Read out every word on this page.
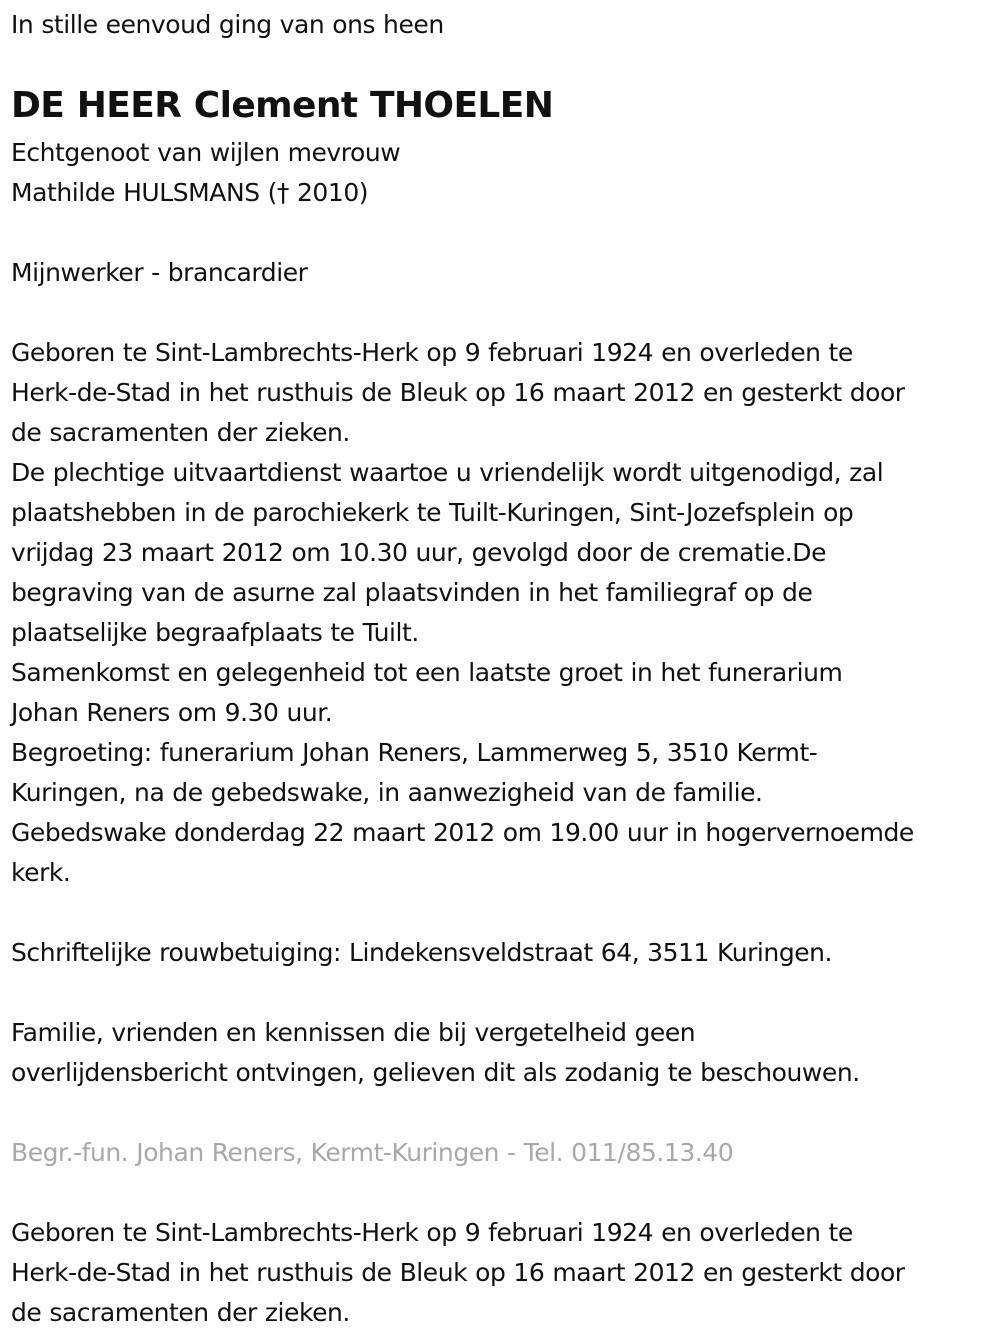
In stille eenvoud ging van ons heen
DE HEER Clement THOELEN
Echtgenoot van wijlen mevrouw
Mathilde HULSMANS († 2010)
Mijnwerker - brancardier
Geboren te Sint-Lambrechts-Herk op 9 februari 1924 en overleden te
Herk-de-Stad in het rusthuis de Bleuk op 16 maart 2012 en gesterkt door
de sacramenten der zieken.
De plechtige uitvaartdienst waartoe u vriendelijk wordt uitgenodigd, zal
plaatshebben in de parochiekerk te Tuilt-Kuringen, Sint-Jozefsplein op
vrijdag 23 maart 2012 om 10.30 uur, gevolgd door de crematie.De
begraving van de asurne zal plaatsvinden in het familiegraf op de
plaatselijke begraafplaats te Tuilt.
Samenkomst en gelegenheid tot een laatste groet in het funerarium
Johan Reners om 9.30 uur.
Begroeting: funerarium Johan Reners, Lammerweg 5, 3510 Kermt-
Kuringen, na de gebedswake, in aanwezigheid van de familie.
Gebedswake donderdag 22 maart 2012 om 19.00 uur in hogervernoemde
kerk.
Schriftelijke rouwbetuiging: Lindekensveldstraat 64, 3511 Kuringen.
Familie, vrienden en kennissen die bij vergetelheid geen
overlijdensbericht ontvingen, gelieven dit als zodanig te beschouwen.
Begr.-fun. Johan Reners, Kermt-Kuringen - Tel. 011/85.13.40
Geboren te Sint-Lambrechts-Herk op 9 februari 1924 en overleden te
Herk-de-Stad in het rusthuis de Bleuk op 16 maart 2012 en gesterkt door
de sacramenten der zieken.
